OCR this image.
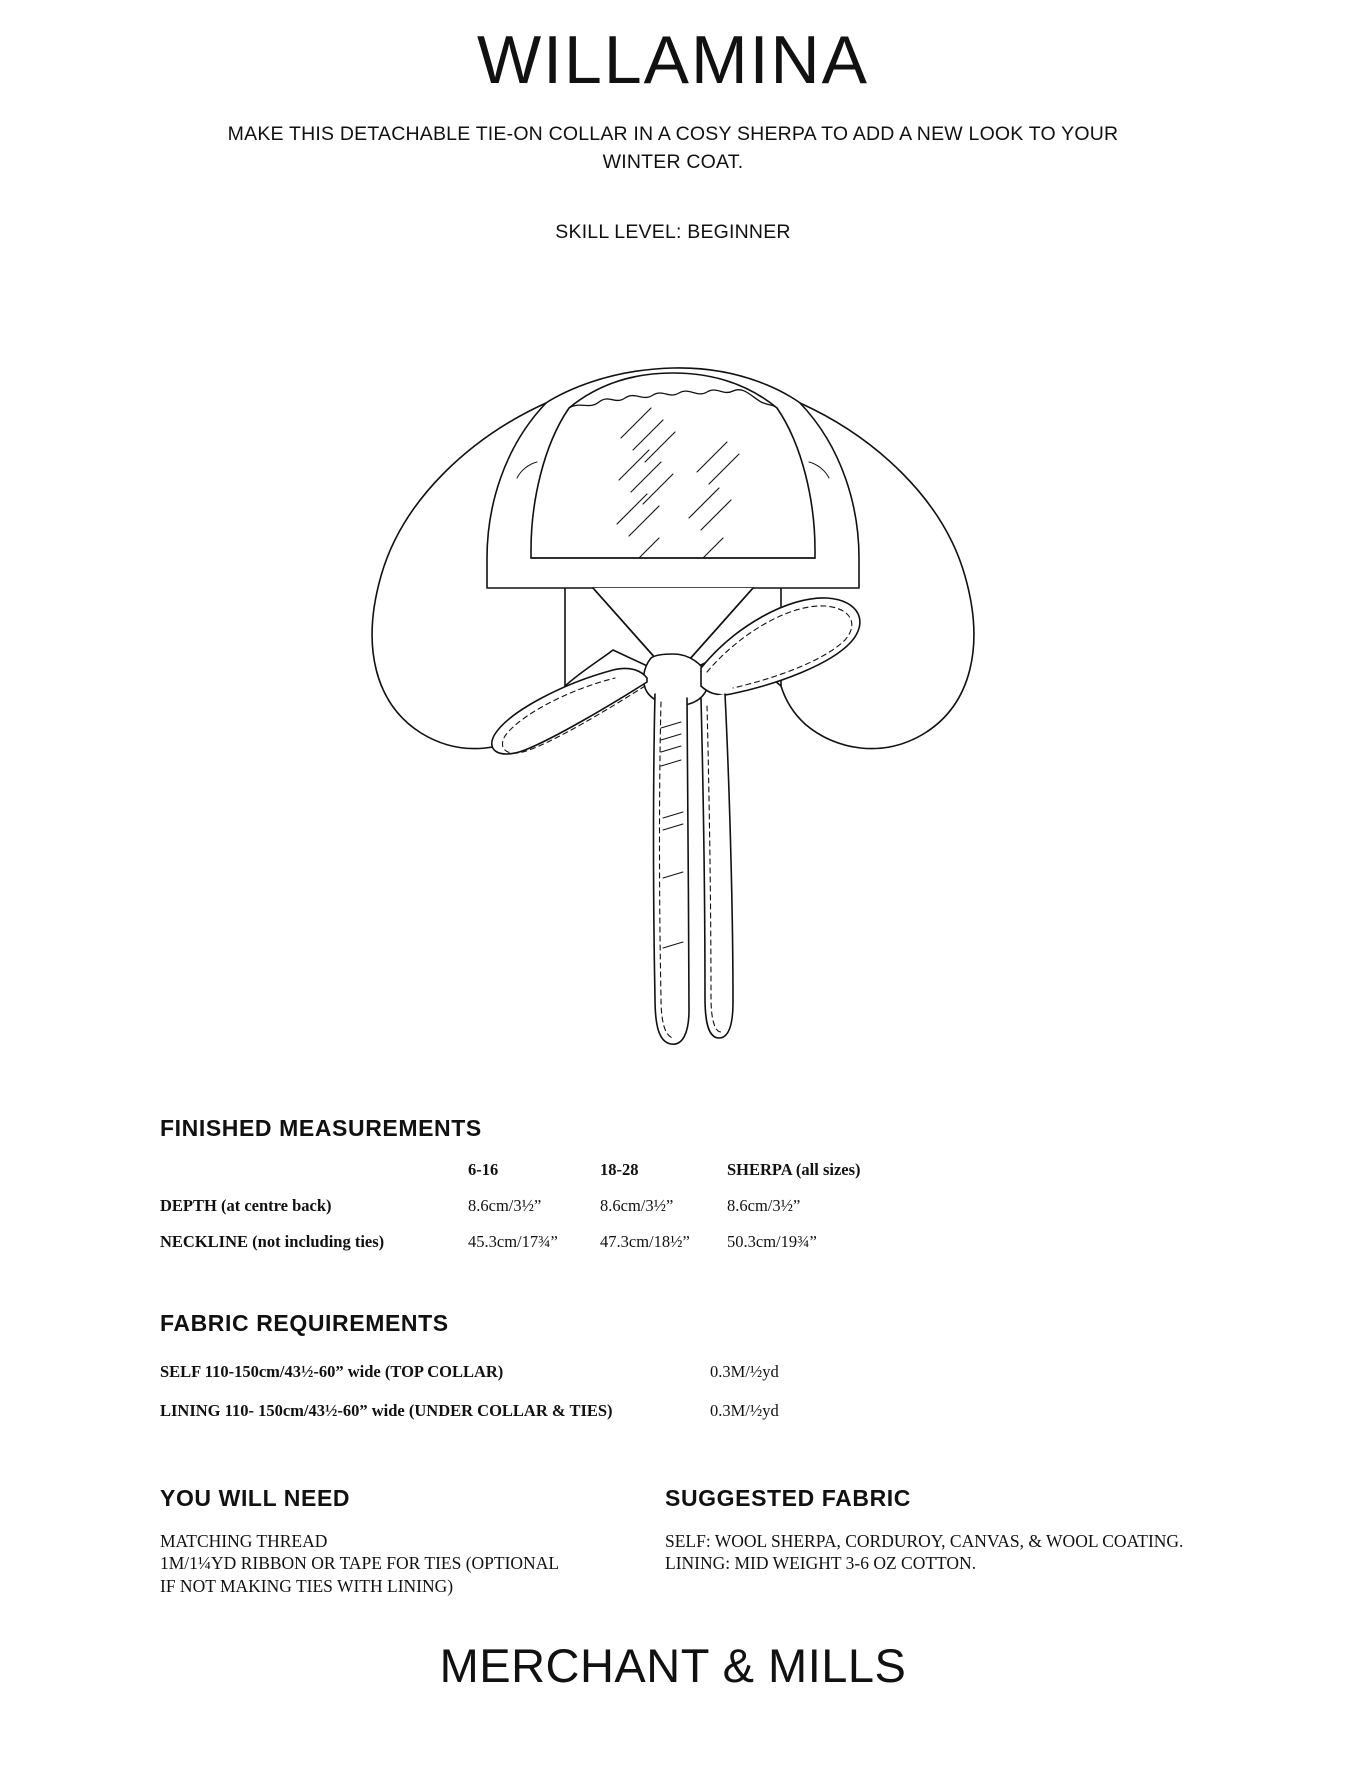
WILLAMINA
MAKE THIS DETACHABLE TIE-ON COLLAR IN A COSY SHERPA TO ADD A NEW LOOK TO YOUR WINTER COAT.
SKILL LEVEL: BEGINNER
FINISHED MEASUREMENTS
	6-16	18-28	SHERPA (all sizes)
DEPTH (at centre back)	8.6cm/3½”	8.6cm/3½”	8.6cm/3½”
NECKLINE (not including ties)	45.3cm/17¾”	47.3cm/18½”	50.3cm/19¾”
FABRIC REQUIREMENTS
SELF 110-150cm/43½-60” wide (TOP COLLAR)	0.3M/½yd
LINING 110- 150cm/43½-60” wide (UNDER COLLAR & TIES)	0.3M/½yd
YOU WILL NEED
MATCHING THREAD
1M/1¼YD RIBBON OR TAPE FOR TIES (OPTIONAL
IF NOT MAKING TIES WITH LINING)
SUGGESTED FABRIC
SELF: WOOL SHERPA, CORDUROY, CANVAS, & WOOL COATING.
LINING: MID WEIGHT 3-6 OZ COTTON.
MERCHANT & MILLS
